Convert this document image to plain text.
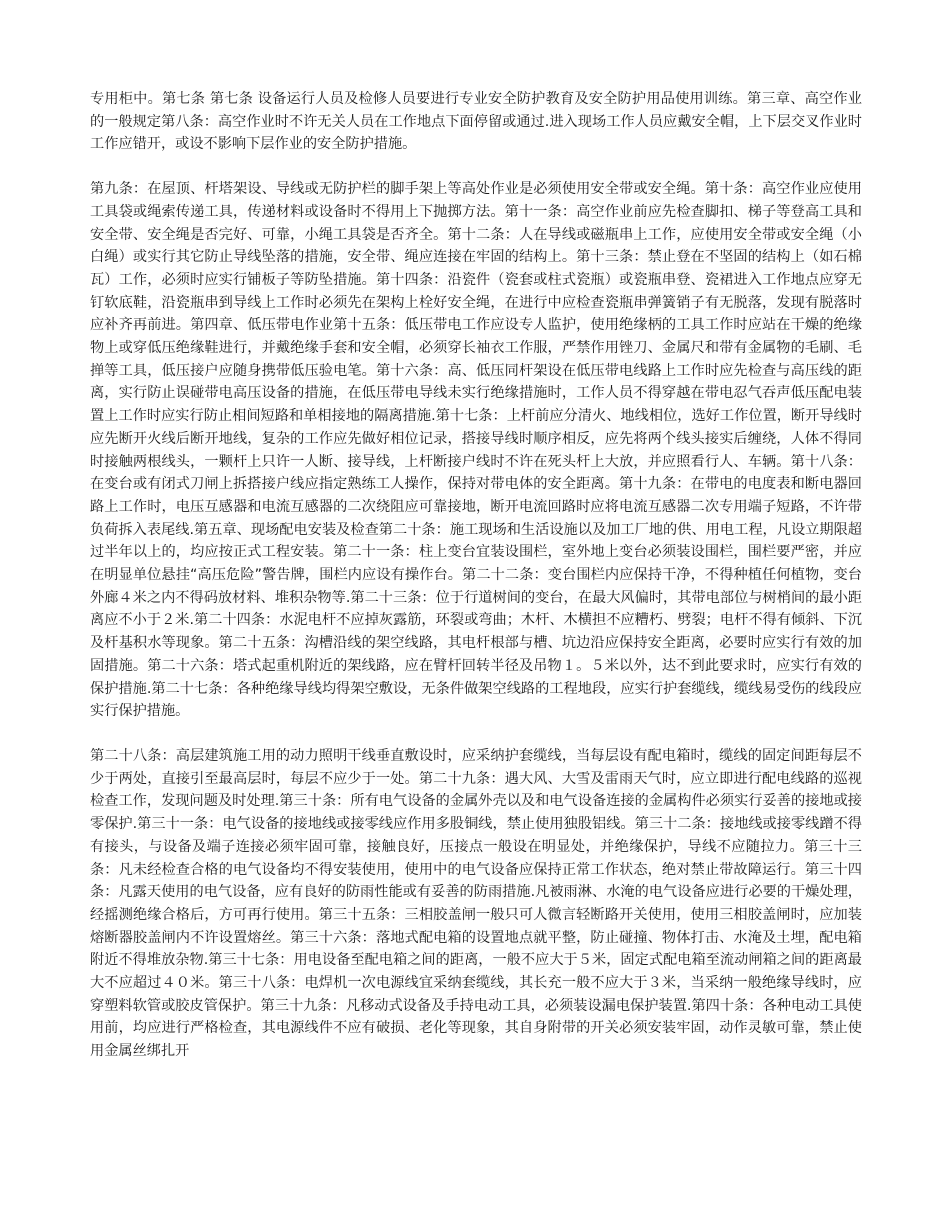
专用柜中。第七条 第七条 设备运行人员及检修人员要进行专业安全防护教育及安全防护用品使用训练。第三章、高空作业的一般规定第八条：高空作业时不许无关人员在工作地点下面停留或通过.进入现场工作人员应戴安全帽，上下层交叉作业时工作应错开，或设不影响下层作业的安全防护措施。

第九条：在屋顶、杆塔架设、导线或无防护栏的脚手架上等高处作业是必须使用安全带或安全绳。第十条：高空作业应使用工具袋或绳索传递工具，传递材料或设备时不得用上下抛掷方法。第十一条：高空作业前应先检查脚扣、梯子等登高工具和安全带、安全绳是否完好、可靠，小绳工具袋是否齐全。第十二条：人在导线或磁瓶串上工作，应使用安全带或安全绳（小白绳）或实行其它防止导线坠落的措施，安全带、绳应连接在牢固的结构上。第十三条：禁止登在不坚固的结构上（如石棉瓦）工作，必须时应实行铺板子等防坠措施。第十四条：沿瓷件（瓷套或柱式瓷瓶）或瓷瓶串登、瓷裙进入工作地点应穿无钉软底鞋，沿瓷瓶串到导线上工作时必须先在架构上栓好安全绳，在进行中应检查瓷瓶串弹簧销子有无脱落，发现有脱落时应补齐再前进。第四章、低压带电作业第十五条：低压带电工作应设专人监护，使用绝缘柄的工具工作时应站在干燥的绝缘物上或穿低压绝缘鞋进行，并戴绝缘手套和安全帽，必须穿长袖衣工作服，严禁作用锉刀、金属尺和带有金属物的毛刷、毛掸等工具，低压接户应随身携带低压验电笔。第十六条：高、低压同杆架设在低压带电线路上工作时应先检查与高压线的距离，实行防止误碰带电高压设备的措施，在低压带电导线未实行绝缘措施时，工作人员不得穿越在带电忍气吞声低压配电装置上工作时应实行防止相间短路和单相接地的隔离措施.第十七条：上杆前应分清火、地线相位，选好工作位置，断开导线时应先断开火线后断开地线，复杂的工作应先做好相位记录，搭接导线时顺序相反，应先将两个线头接实后缠绕，人体不得同时接触两根线头，一颗杆上只许一人断、接导线，上杆断接户线时不许在死头杆上大放，并应照看行人、车辆。第十八条：在变台或有闭式刀闸上拆搭接户线应指定熟练工人操作，保持对带电体的安全距离。第十九条：在带电的电度表和断电器回路上工作时，电压互感器和电流互感器的二次绕阻应可靠接地，断开电流回路时应将电流互感器二次专用端子短路，不许带负荷拆入表尾线.第五章、现场配电安装及检查第二十条：施工现场和生活设施以及加工厂地的供、用电工程，凡设立期限超过半年以上的，均应按正式工程安装。第二十一条：柱上变台宜装设围栏，室外地上变台必须装设围栏，围栏要严密，并应在明显单位悬挂“高压危险”警告牌，围栏内应设有操作台。第二十二条：变台围栏内应保持干净，不得种植任何植物，变台外廊４米之内不得码放材料、堆积杂物等.第二十三条：位于行道树间的变台，在最大风偏时，其带电部位与树梢间的最小距离应不小于２米.第二十四条：水泥电杆不应掉灰露筋，环裂或弯曲；木杆、木横担不应糟朽、劈裂；电杆不得有倾斜、下沉及杆基积水等现象。第二十五条：沟槽沿线的架空线路，其电杆根部与槽、坑边沿应保持安全距离，必要时应实行有效的加固措施。第二十六条：塔式起重机附近的架线路，应在臂杆回转半径及吊物１。５米以外，达不到此要求时，应实行有效的保护措施.第二十七条：各种绝缘导线均得架空敷设，无条件做架空线路的工程地段，应实行护套缆线，缆线易受伤的线段应实行保护措施。

第二十八条：高层建筑施工用的动力照明干线垂直敷设时，应采纳护套缆线，当每层设有配电箱时，缆线的固定间距每层不少于两处，直接引至最高层时，每层不应少于一处。第二十九条：遇大风、大雪及雷雨天气时，应立即进行配电线路的巡视检查工作，发现问题及时处理.第三十条：所有电气设备的金属外壳以及和电气设备连接的金属构件必须实行妥善的接地或接零保护.第三十一条：电气设备的接地线或接零线应作用多股铜线，禁止使用独股铝线。第三十二条：接地线或接零线蹭不得有接头，与设备及端子连接必须牢固可靠，接触良好，压接点一般设在明显处，并绝缘保护，导线不应随拉力。第三十三条：凡未经检查合格的电气设备均不得安装使用，使用中的电气设备应保持正常工作状态，绝对禁止带故障运行。第三十四条：凡露天使用的电气设备，应有良好的防雨性能或有妥善的防雨措施.凡被雨淋、水淹的电气设备应进行必要的干燥处理，经摇测绝缘合格后，方可再行使用。第三十五条：三相胶盖闸一般只可人微言轻断路开关使用，使用三相胶盖闸时，应加装熔断器胶盖闸内不许设置熔丝。第三十六条：落地式配电箱的设置地点就平整，防止碰撞、物体打击、水淹及土埋，配电箱附近不得堆放杂物.第三十七条：用电设备至配电箱之间的距离，一般不应大于５米，固定式配电箱至流动闸箱之间的距离最大不应超过４０米。第三十八条：电焊机一次电源线宜采纳套缆线，其长充一般不应大于３米，当采纳一般绝缘导线时，应穿塑料软管或胶皮管保护。第三十九条：凡移动式设备及手持电动工具，必须装设漏电保护装置.第四十条：各种电动工具使用前，均应进行严格检查，其电源线件不应有破损、老化等现象，其自身附带的开关必须安装牢固，动作灵敏可靠，禁止使用金属丝绑扎开
